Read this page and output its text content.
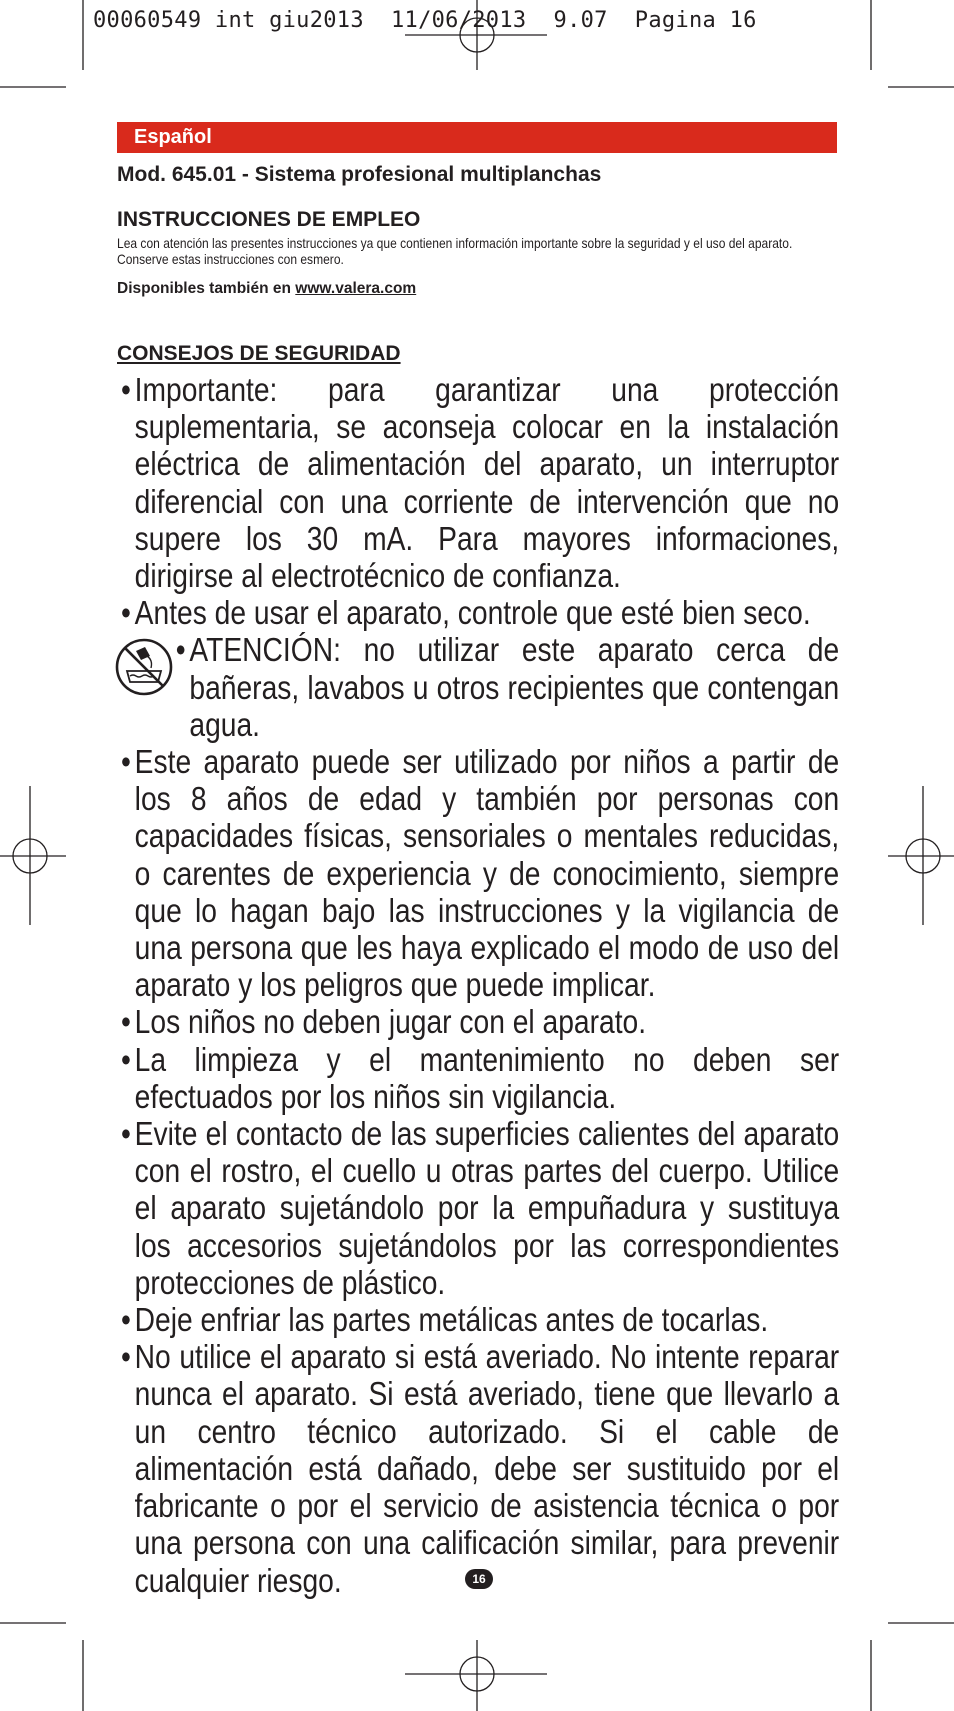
00060549 int giu2013  11/06/2013  9.07  Pagina 16
Español
Mod. 645.01 - Sistema profesional multiplanchas
INSTRUCCIONES DE EMPLEO
Lea con atención las presentes instrucciones ya que contienen información importante sobre la seguridad y el uso del aparato. Conserve estas instrucciones con esmero.
Disponibles también en www.valera.com
CONSEJOS DE SEGURIDAD
• Importante: para garantizar una protección suplementaria, se aconseja colocar en la instalación eléctrica de alimentación del aparato, un interruptor diferencial con una corriente de intervención que no supere los 30 mA. Para mayores informaciones, dirigirse al electrotécnico de confianza.
• Antes de usar el aparato, controle que esté bien seco.
• ATENCIÓN: no utilizar este aparato cerca de bañeras, lavabos u otros recipientes que contengan agua.
• Este aparato puede ser utilizado por niños a partir de los 8 años de edad y también por personas con capacidades físicas, sensoriales o mentales reducidas, o carentes de experiencia y de conocimiento, siempre que lo hagan bajo las instrucciones y la vigilancia de una persona que les haya explicado el modo de uso del aparato y los peligros que puede implicar.
• Los niños no deben jugar con el aparato.
• La limpieza y el mantenimiento no deben ser efectuados por los niños sin vigilancia.
• Evite el contacto de las superficies calientes del aparato con el rostro, el cuello u otras partes del cuerpo. Utilice el aparato sujetándolo por la empuñadura y sustituya los accesorios sujetándolos por las correspondientes protecciones de plástico.
• Deje enfriar las partes metálicas antes de tocarlas.
• No utilice el aparato si está averiado. No intente reparar nunca el aparato. Si está averiado, tiene que llevarlo a un centro técnico autorizado. Si el cable de alimentación está dañado, debe ser sustituido por el fabricante o por el servicio de asistencia técnica o por una persona con una calificación similar, para prevenir cualquier riesgo.	16
